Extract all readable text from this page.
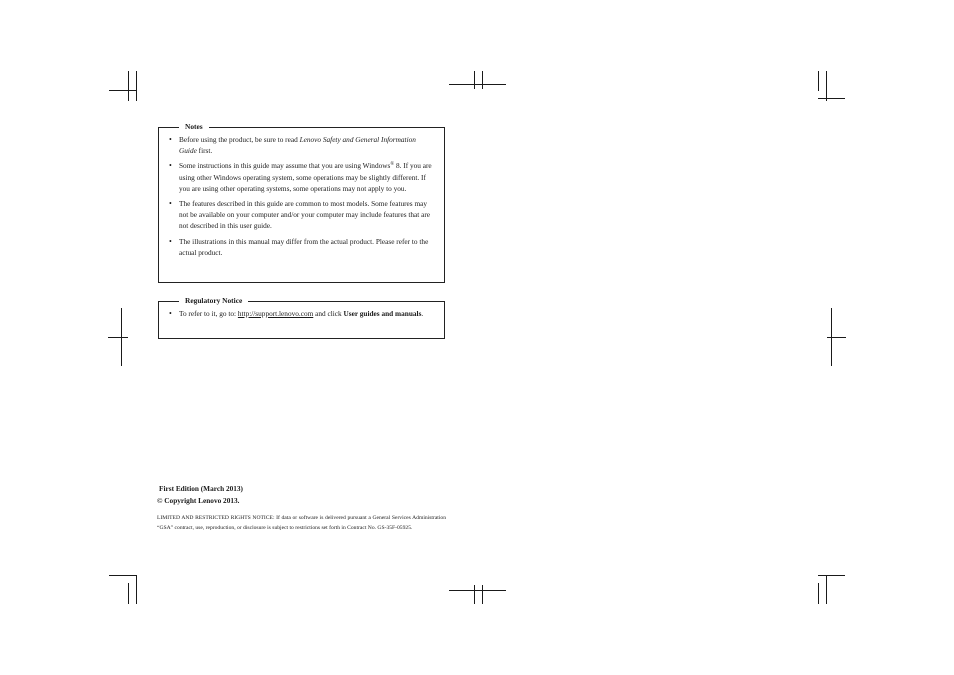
Notes
• Before using the product, be sure to read Lenovo Safety and General Information Guide first.
• Some instructions in this guide may assume that you are using Windows® 8. If you are using other Windows operating system, some operations may be slightly different. If you are using other operating systems, some operations may not apply to you.
• The features described in this guide are common to most models. Some features may not be available on your computer and/or your computer may include features that are not described in this user guide.
• The illustrations in this manual may differ from the actual product. Please refer to the actual product.
Regulatory Notice
• To refer to it, go to: http://support.lenovo.com and click User guides and manuals.
First Edition (March 2013)
© Copyright Lenovo 2013.
LIMITED AND RESTRICTED RIGHTS NOTICE: If data or software is delivered pursuant a General Services Administration “GSA” contract, use, reproduction, or disclosure is subject to restrictions set forth in Contract No. GS-35F-05925.
